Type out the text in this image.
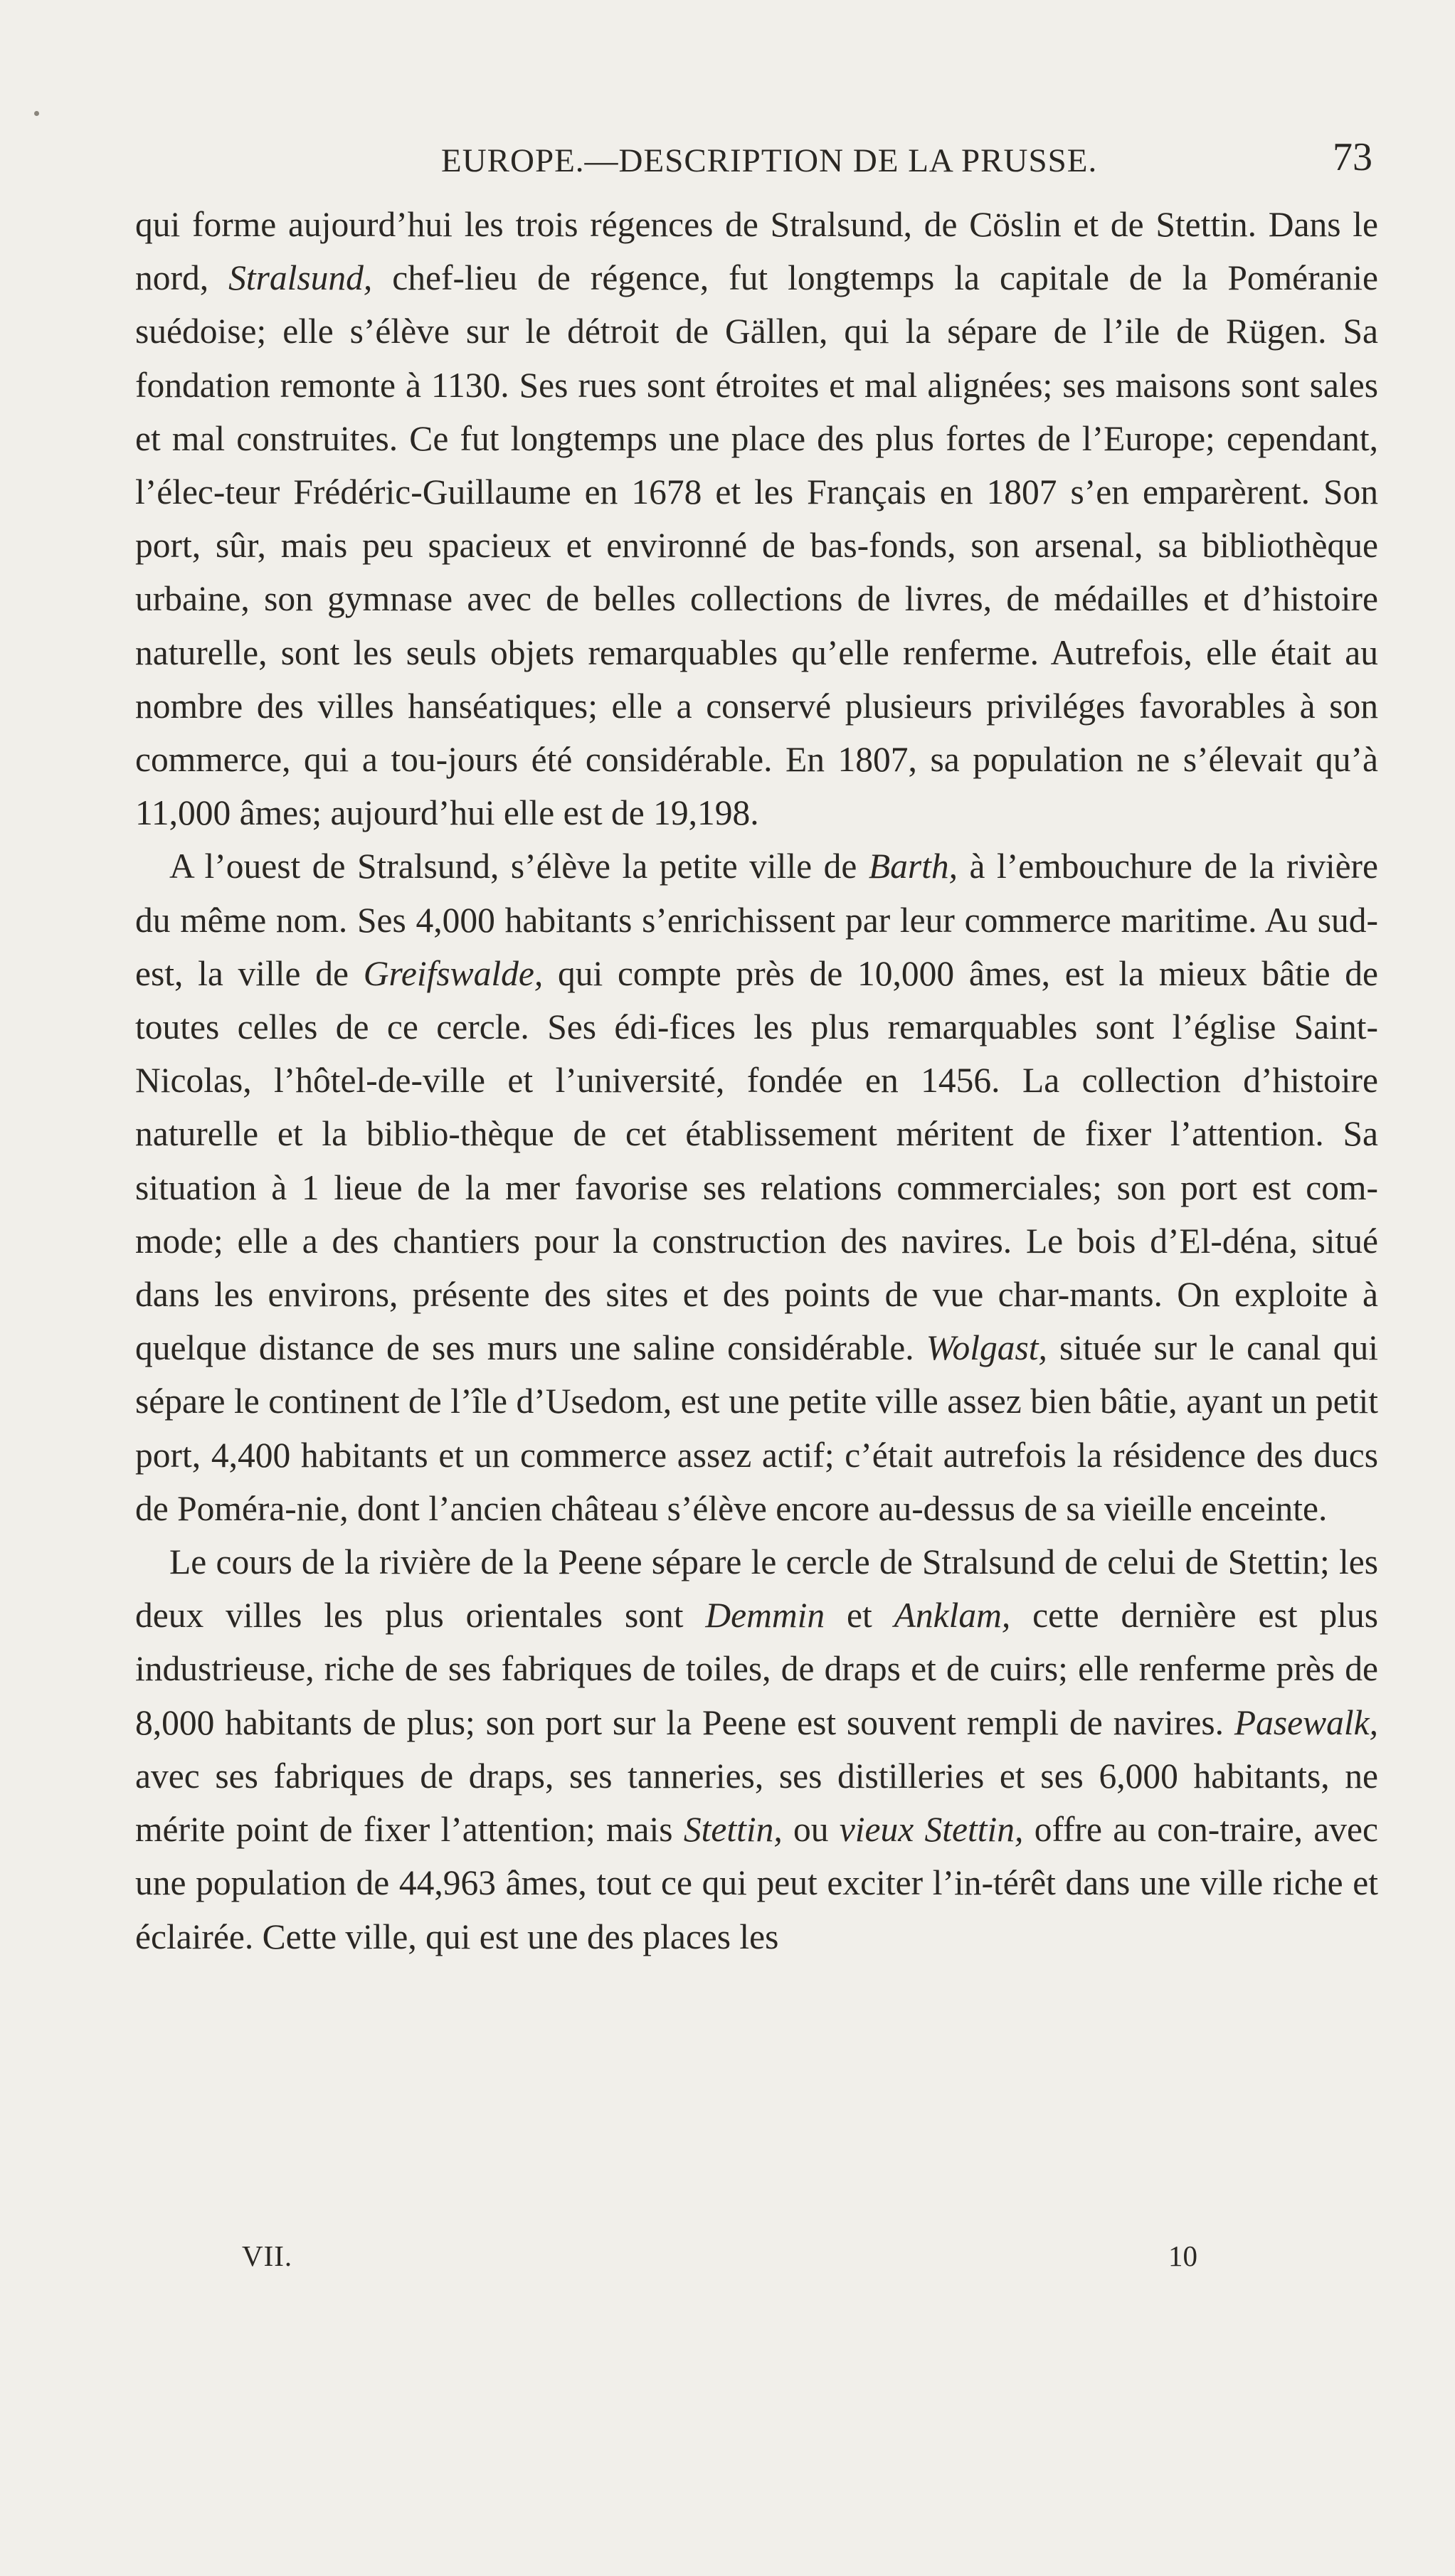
EUROPE.—DESCRIPTION DE LA PRUSSE.	73

qui forme aujourd’hui les trois régences de Stralsund, de Cöslin et de Stettin. Dans le nord, Stralsund, chef-lieu de régence, fut longtemps la capitale de la Poméranie suédoise; elle s’élève sur le détroit de Gällen, qui la sépare de l’ile de Rügen. Sa fondation remonte à 1130. Ses rues sont étroites et mal alignées; ses maisons sont sales et mal construites. Ce fut longtemps une place des plus fortes de l’Europe; cependant, l’élec-teur Frédéric-Guillaume en 1678 et les Français en 1807 s’en emparèrent. Son port, sûr, mais peu spacieux et environné de bas-fonds, son arsenal, sa bibliothèque urbaine, son gymnase avec de belles collections de livres, de médailles et d’histoire naturelle, sont les seuls objets remarquables qu’elle renferme. Autrefois, elle était au nombre des villes hanséatiques; elle a conservé plusieurs priviléges favorables à son commerce, qui a tou-jours été considérable. En 1807, sa population ne s’élevait qu’à 11,000 âmes; aujourd’hui elle est de 19,198.

A l’ouest de Stralsund, s’élève la petite ville de Barth, à l’embouchure de la rivière du même nom. Ses 4,000 habitants s’enrichissent par leur commerce maritime. Au sud-est, la ville de Greifswalde, qui compte près de 10,000 âmes, est la mieux bâtie de toutes celles de ce cercle. Ses édi-fices les plus remarquables sont l’église Saint-Nicolas, l’hôtel-de-ville et l’université, fondée en 1456. La collection d’histoire naturelle et la biblio-thèque de cet établissement méritent de fixer l’attention. Sa situation à 1 lieue de la mer favorise ses relations commerciales; son port est com-mode; elle a des chantiers pour la construction des navires. Le bois d’El-déna, situé dans les environs, présente des sites et des points de vue char-mants. On exploite à quelque distance de ses murs une saline considérable. Wolgast, située sur le canal qui sépare le continent de l’île d’Usedom, est une petite ville assez bien bâtie, ayant un petit port, 4,400 habitants et un commerce assez actif; c’était autrefois la résidence des ducs de Poméra-nie, dont l’ancien château s’élève encore au-dessus de sa vieille enceinte.

Le cours de la rivière de la Peene sépare le cercle de Stralsund de celui de Stettin; les deux villes les plus orientales sont Demmin et Anklam, cette dernière est plus industrieuse, riche de ses fabriques de toiles, de draps et de cuirs; elle renferme près de 8,000 habitants de plus; son port sur la Peene est souvent rempli de navires. Pasewalk, avec ses fabriques de draps, ses tanneries, ses distilleries et ses 6,000 habitants, ne mérite point de fixer l’attention; mais Stettin, ou vieux Stettin, offre au con-traire, avec une population de 44,963 âmes, tout ce qui peut exciter l’in-térêt dans une ville riche et éclairée. Cette ville, qui est une des places les

VII.	10
